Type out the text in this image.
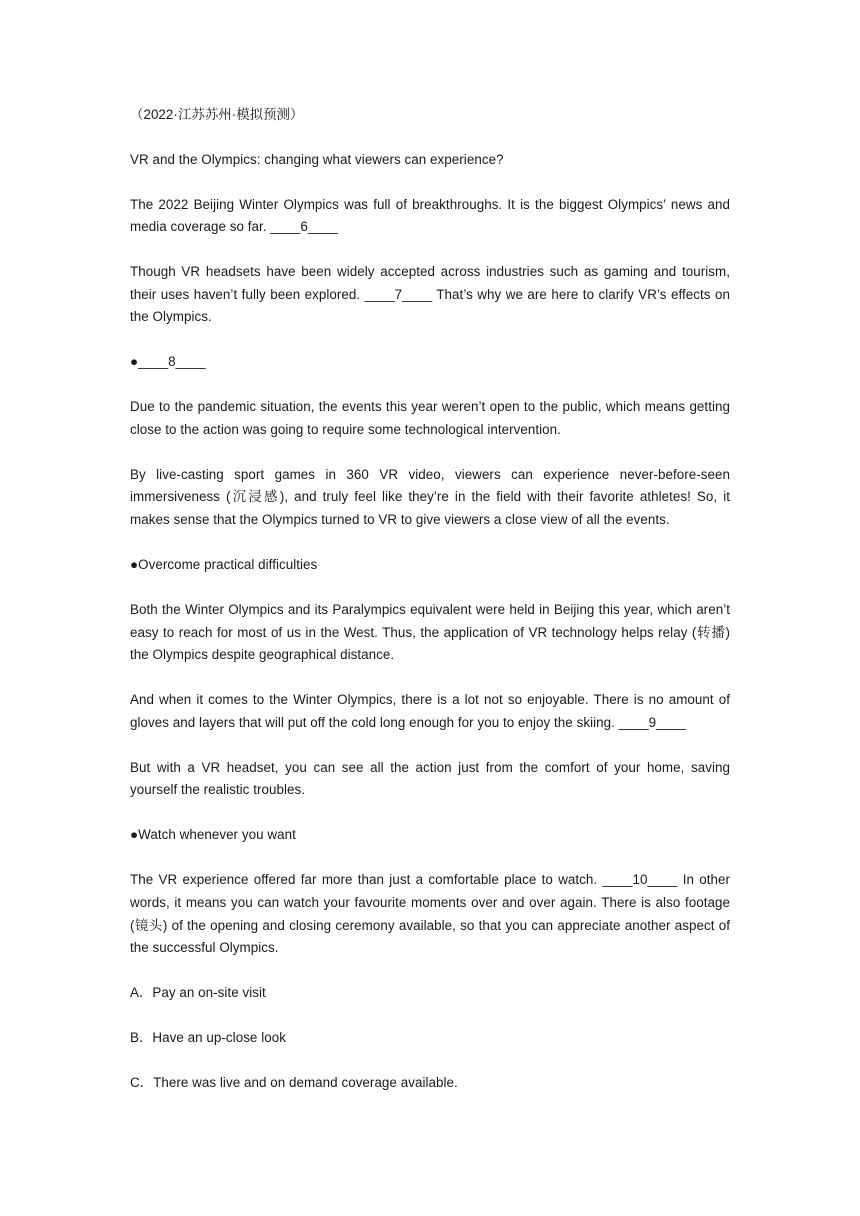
（2022·江苏苏州·模拟预测）

VR and the Olympics: changing what viewers can experience?

The 2022 Beijing Winter Olympics was full of breakthroughs. It is the biggest Olympics’ news and media coverage so far. ____6____

Though VR headsets have been widely accepted across industries such as gaming and tourism, their uses haven’t fully been explored. ____7____ That’s why we are here to clarify VR’s effects on the Olympics.

●____8____

Due to the pandemic situation, the events this year weren’t open to the public, which means getting close to the action was going to require some technological intervention.

By live-casting sport games in 360 VR video, viewers can experience never-before-seen immersiveness (沉浸感), and truly feel like they’re in the field with their favorite athletes! So, it makes sense that the Olympics turned to VR to give viewers a close view of all the events.

●Overcome practical difficulties

Both the Winter Olympics and its Paralympics equivalent were held in Beijing this year, which aren’t easy to reach for most of us in the West. Thus, the application of VR technology helps relay (转播) the Olympics despite geographical distance.

And when it comes to the Winter Olympics, there is a lot not so enjoyable. There is no amount of gloves and layers that will put off the cold long enough for you to enjoy the skiing. ____9____

But with a VR headset, you can see all the action just from the comfort of your home, saving yourself the realistic troubles.

●Watch whenever you want

The VR experience offered far more than just a comfortable place to watch. ____10____ In other words, it means you can watch your favourite moments over and over again. There is also footage (镜头) of the opening and closing ceremony available, so that you can appreciate another aspect of the successful Olympics.

A．Pay an on-site visit

B．Have an up-close look

C．There was live and on demand coverage available.
